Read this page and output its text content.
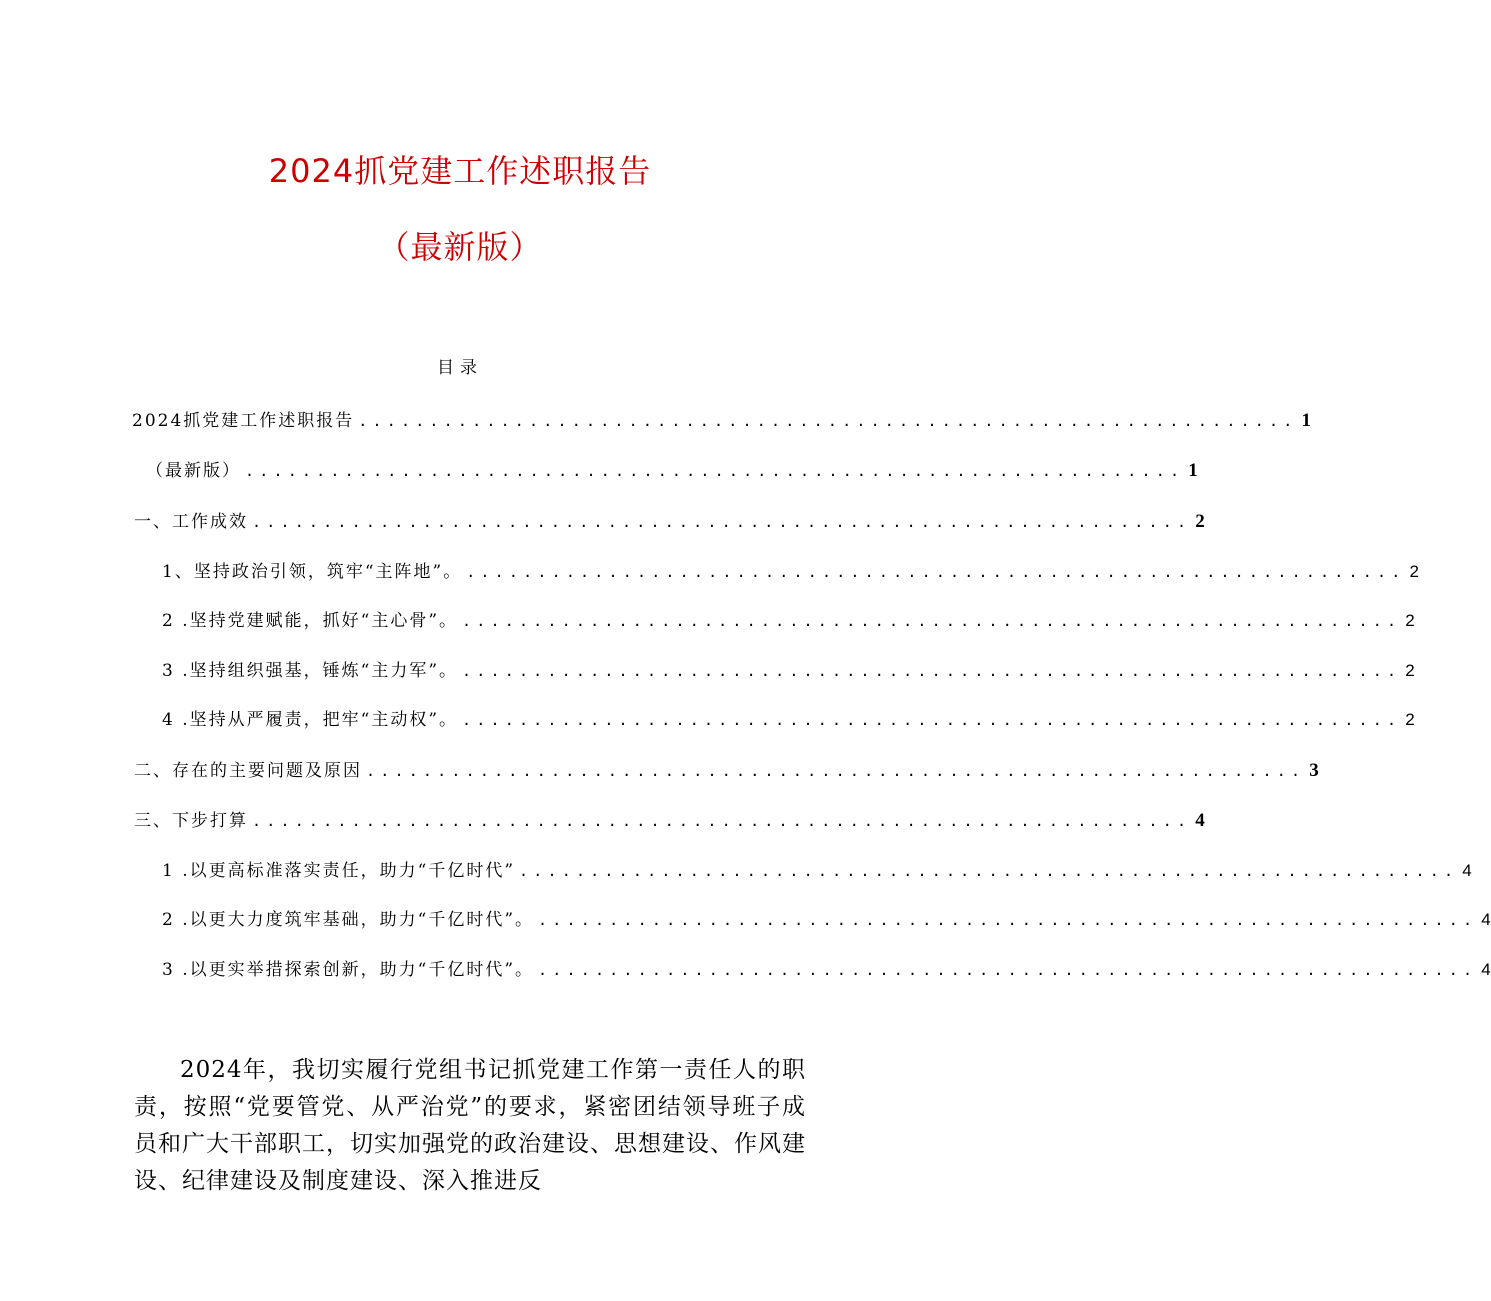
2024抓党建工作述职报告
（最新版）
目录
2024抓党建工作述职报告 .................................................................. 1
（最新版） .................................................................. 1
一、工作成效 .................................................................. 2
1、坚持政治引领，筑牢“主阵地”。 .................................................................. 2
2 .坚持党建赋能，抓好“主心骨”。 .................................................................. 2
3 .坚持组织强基，锤炼“主力军”。 .................................................................. 2
4 .坚持从严履责，把牢“主动权”。 .................................................................. 2
二、存在的主要问题及原因 .................................................................. 3
三、下步打算 .................................................................. 4
1 .以更高标准落实责任，助力“千亿时代” .................................................................. 4
2 .以更大力度筑牢基础，助力“千亿时代”。 .................................................................. 4
3 .以更实举措探索创新，助力“千亿时代”。 .................................................................. 4
2024年，我切实履行党组书记抓党建工作第一责任人的职责，按照“党要管党、从严治党”的要求，紧密团结领导班子成员和广大干部职工，切实加强党的政治建设、思想建设、作风建设、纪律建设及制度建设、深入推进反
